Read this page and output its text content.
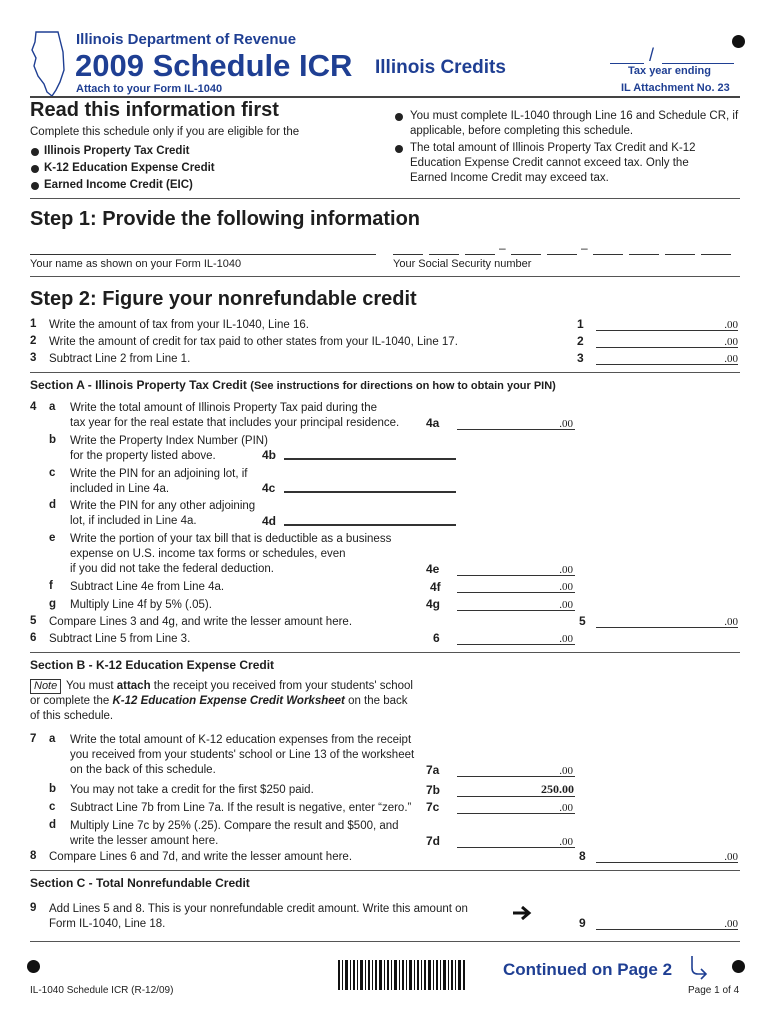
Illinois Department of Revenue
2009 Schedule ICR Illinois Credits
Attach to your Form IL-1040
/
Tax year ending
IL Attachment No. 23
Read this information first
Complete this schedule only if you are eligible for the
Illinois Property Tax Credit
K-12 Education Expense Credit
Earned Income Credit (EIC)
You must complete IL-1040 through Line 16 and Schedule CR, if applicable, before completing this schedule.
The total amount of Illinois Property Tax Credit and K-12 Education Expense Credit cannot exceed tax. Only the Earned Income Credit may exceed tax.
Step 1: Provide the following information
–	–
Your name as shown on your Form IL-1040	Your Social Security number
Step 2: Figure your nonrefundable credit
1 Write the amount of tax from your IL-1040, Line 16.	1	.00
2 Write the amount of credit for tax paid to other states from your IL-1040, Line 17.	2	.00
3 Subtract Line 2 from Line 1.	3	.00
Section A - Illinois Property Tax Credit (See instructions for directions on how to obtain your PIN)
4 a Write the total amount of Illinois Property Tax paid during the
tax year for the real estate that includes your principal residence. 4a	.00
b Write the Property Index Number (PIN)
for the property listed above.	4b
c Write the PIN for an adjoining lot, if
included in Line 4a.	4c
d Write the PIN for any other adjoining
lot, if included in Line 4a.	4d
e Write the portion of your tax bill that is deductible as a business
expense on U.S. income tax forms or schedules, even
if you did not take the federal deduction.	4e	.00
f Subtract Line 4e from Line 4a.	4f	.00
g Multiply Line 4f by 5% (.05).	4g	.00
5 Compare Lines 3 and 4g, and write the lesser amount here.	5	.00
6 Subtract Line 5 from Line 3.	6	.00
Section B - K-12 Education Expense Credit
Note You must attach the receipt you received from your students' school
or complete the K-12 Education Expense Credit Worksheet on the back
of this schedule.
7 a Write the total amount of K-12 education expenses from the receipt
you received from your students' school or Line 13 of the worksheet
on the back of this schedule.	7a	.00
b You may not take a credit for the first $250 paid.	7b	250.00
c Subtract Line 7b from Line 7a. If the result is negative, enter “zero.” 7c	.00
d Multiply Line 7c by 25% (.25). Compare the result and $500, and
write the lesser amount here.	7d	.00
8 Compare Lines 6 and 7d, and write the lesser amount here.	8	.00
Section C - Total Nonrefundable Credit
9 Add Lines 5 and 8. This is your nonrefundable credit amount. Write this amount on
Form IL-1040, Line 18.	9	.00
Continued on Page 2
IL-1040 Schedule ICR (R-12/09)	Page 1 of 4
